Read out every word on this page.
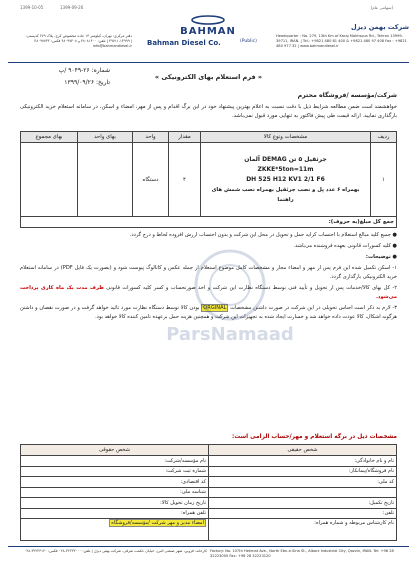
1399-10-05	1399-09-26	(سهامی عام)
BAHMAN	شرکت بهمن دیزل
Bahman Diesel Co.	(Public)
Headquarter : No. 279, 13th Km of Karaj Makhsous Rd., Tehran 13999-39711, IRAN. | Tel.: +9821 480 81 400 & +9821 480 97 408 Fax : +9821 480 977 32 | www.bahmandiesel.ir
دفتر مرکزی: تهران، کیلومتر ۱۳ جاده مخصوص کرج، پلاک ۲۷۹ کدپستی: ۱۳۹۹۹-۳۹۷۱۱ | تلفن: ۴۸۰۸۱۴۰۰ و ۴۸۰۹۷۴۰۸ فکس: ۴۸۰۹۷۷۳۲ | info@bahmandiesel.ir
شماره: ۲۶-۹۰۴۹ /پ
تاریخ: ۱۳۹۹/۰۹/۲۶
« فرم استعلام بهای الکترونیکی »
شرکت/مؤسسه /فروشگاه محترم
خواهشمند است ضمن مطالعه شرایط ذیل با دقت نسبت به اعلام بهترین پیشنهاد خود در این برگ اقدام و پس از مهر، امضاء و اسکن، در سامانه استعلام خرید الکترونیکی بارگذاری نمایید. ارائه قیمت طی پیش فاکتور به تنهایی مورد قبول نمی‌باشد.
ردیف	مشخصات ونوع کالا	مقدار	واحد	بهای واحد	بهای مجموع
۱	جرثقیل ۵ تن DEMAG آلمان
ZKKE*5ton=11m
DH 525 H12 KV1 2/1 F6
بهمراه ۶ عدد پل و نصب جرثقیل بهمراه نصب شمش های راهنما	۴	دستگاه		
جمع کل مبلغ(به حروف):					

● جمیع کلیه مبالغ استعلام با احتساب کرایه حمل و تحویل در محل این شرکت و بدون احتساب ارزش افزوده لحاظ و درج گردد.

● کلیه کسورات قانونی بعهده فروشنده می‌باشد.

● توضیحات:

۱- اسکن تکمیل شده این فرم پس از مهر و امضاء مجاز و مشخصات کامل موضوع استعلام از جمله عکس و کاتالوگ پیوست شود و (بصورت یک فایل PDF) در سامانه استعلام خرید الکترونیکی بارگذاری گردد.

۲- کل بهای کالا/خدمات پس از تحویل و تأیید فنی توسط دستگاه نظارت این شرکت و اخذ صورتحساب و کسر کلیه کسورات قانونی ظرف مدت یک ماه کاری پرداخت می‌شود.

۳- لازم به ذکر است اجناس تحویلی در این شرکت در صورت داشتن مشخصات ORGINAL بودن کالا توسط دستگاه نظارت مورد تائید خواهد گرفت و در صورت نقصان و داشتن هرگونه اشکال، کالا عودت داده خواهد شد و خسارت ایجاد شده به تجهیزات این شرکت و همچنین هزینه حمل برعهده تامین کننده کالا خواهد بود.

ParsNamaad
مشخصات ذیل در برگه استعلام و مهر/حساب الزامی است:
شخص حقیقی	شخص حقوقی
نام و نام خانوادگی:	نام مؤسسه/شرکت:
نام فروشگاه/پیمانکار:	شماره ثبت شرکت:
کد ملی:	کد اقتصادی:
	شناسه ملی:
تاریخ تکمیل:	تاریخ زمان تحویل کالا:
تلفن:	تلفن همراه:
نام کارشناس مربوطه و شماره همراه:	امضاء مدیر و مهر شرکت /مؤسسه/فروشگاه
کارخانه: قزوین، شهر صنعتی البرز، خیابان حکمت شرقی، شرکت بهمن دیزل | تلفن: ۳۲۲۲۳۰۰۰-۰۲۸ فکس: ۳۲۲۲۳۱۲۰-۰۲۸ Factory: No. 107th Hekmat Ave., North Ebn-e-Sina St., Alborz Industrial City, Qazvin, IRAN. Tel: +98 28 32223000 Fax: +98 28 32223120
